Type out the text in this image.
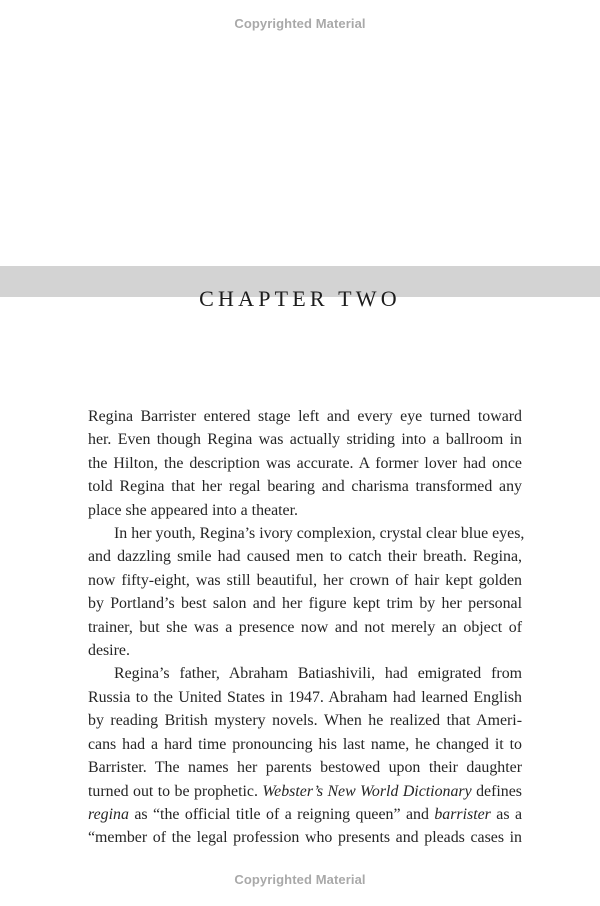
Copyrighted Material
CHAPTER TWO

Regina Barrister entered stage left and every eye turned toward
her. Even though Regina was actually striding into a ballroom in
the Hilton, the description was accurate. A former lover had once
told Regina that her regal bearing and charisma transformed any
place she appeared into a theater.

In her youth, Regina’s ivory complexion, crystal clear blue eyes,
and dazzling smile had caused men to catch their breath. Regina,
now fifty-eight, was still beautiful, her crown of hair kept golden
by Portland’s best salon and her figure kept trim by her personal
trainer, but she was a presence now and not merely an object of
desire.

Regina’s father, Abraham Batiashivili, had emigrated from
Russia to the United States in 1947. Abraham had learned English
by reading British mystery novels. When he realized that Ameri-
cans had a hard time pronouncing his last name, he changed it to
Barrister. The names her parents bestowed upon their daughter
turned out to be prophetic. Webster’s New World Dictionary defines
regina as “the official title of a reigning queen” and barrister as a
“member of the legal profession who presents and pleads cases in

Copyrighted Material
